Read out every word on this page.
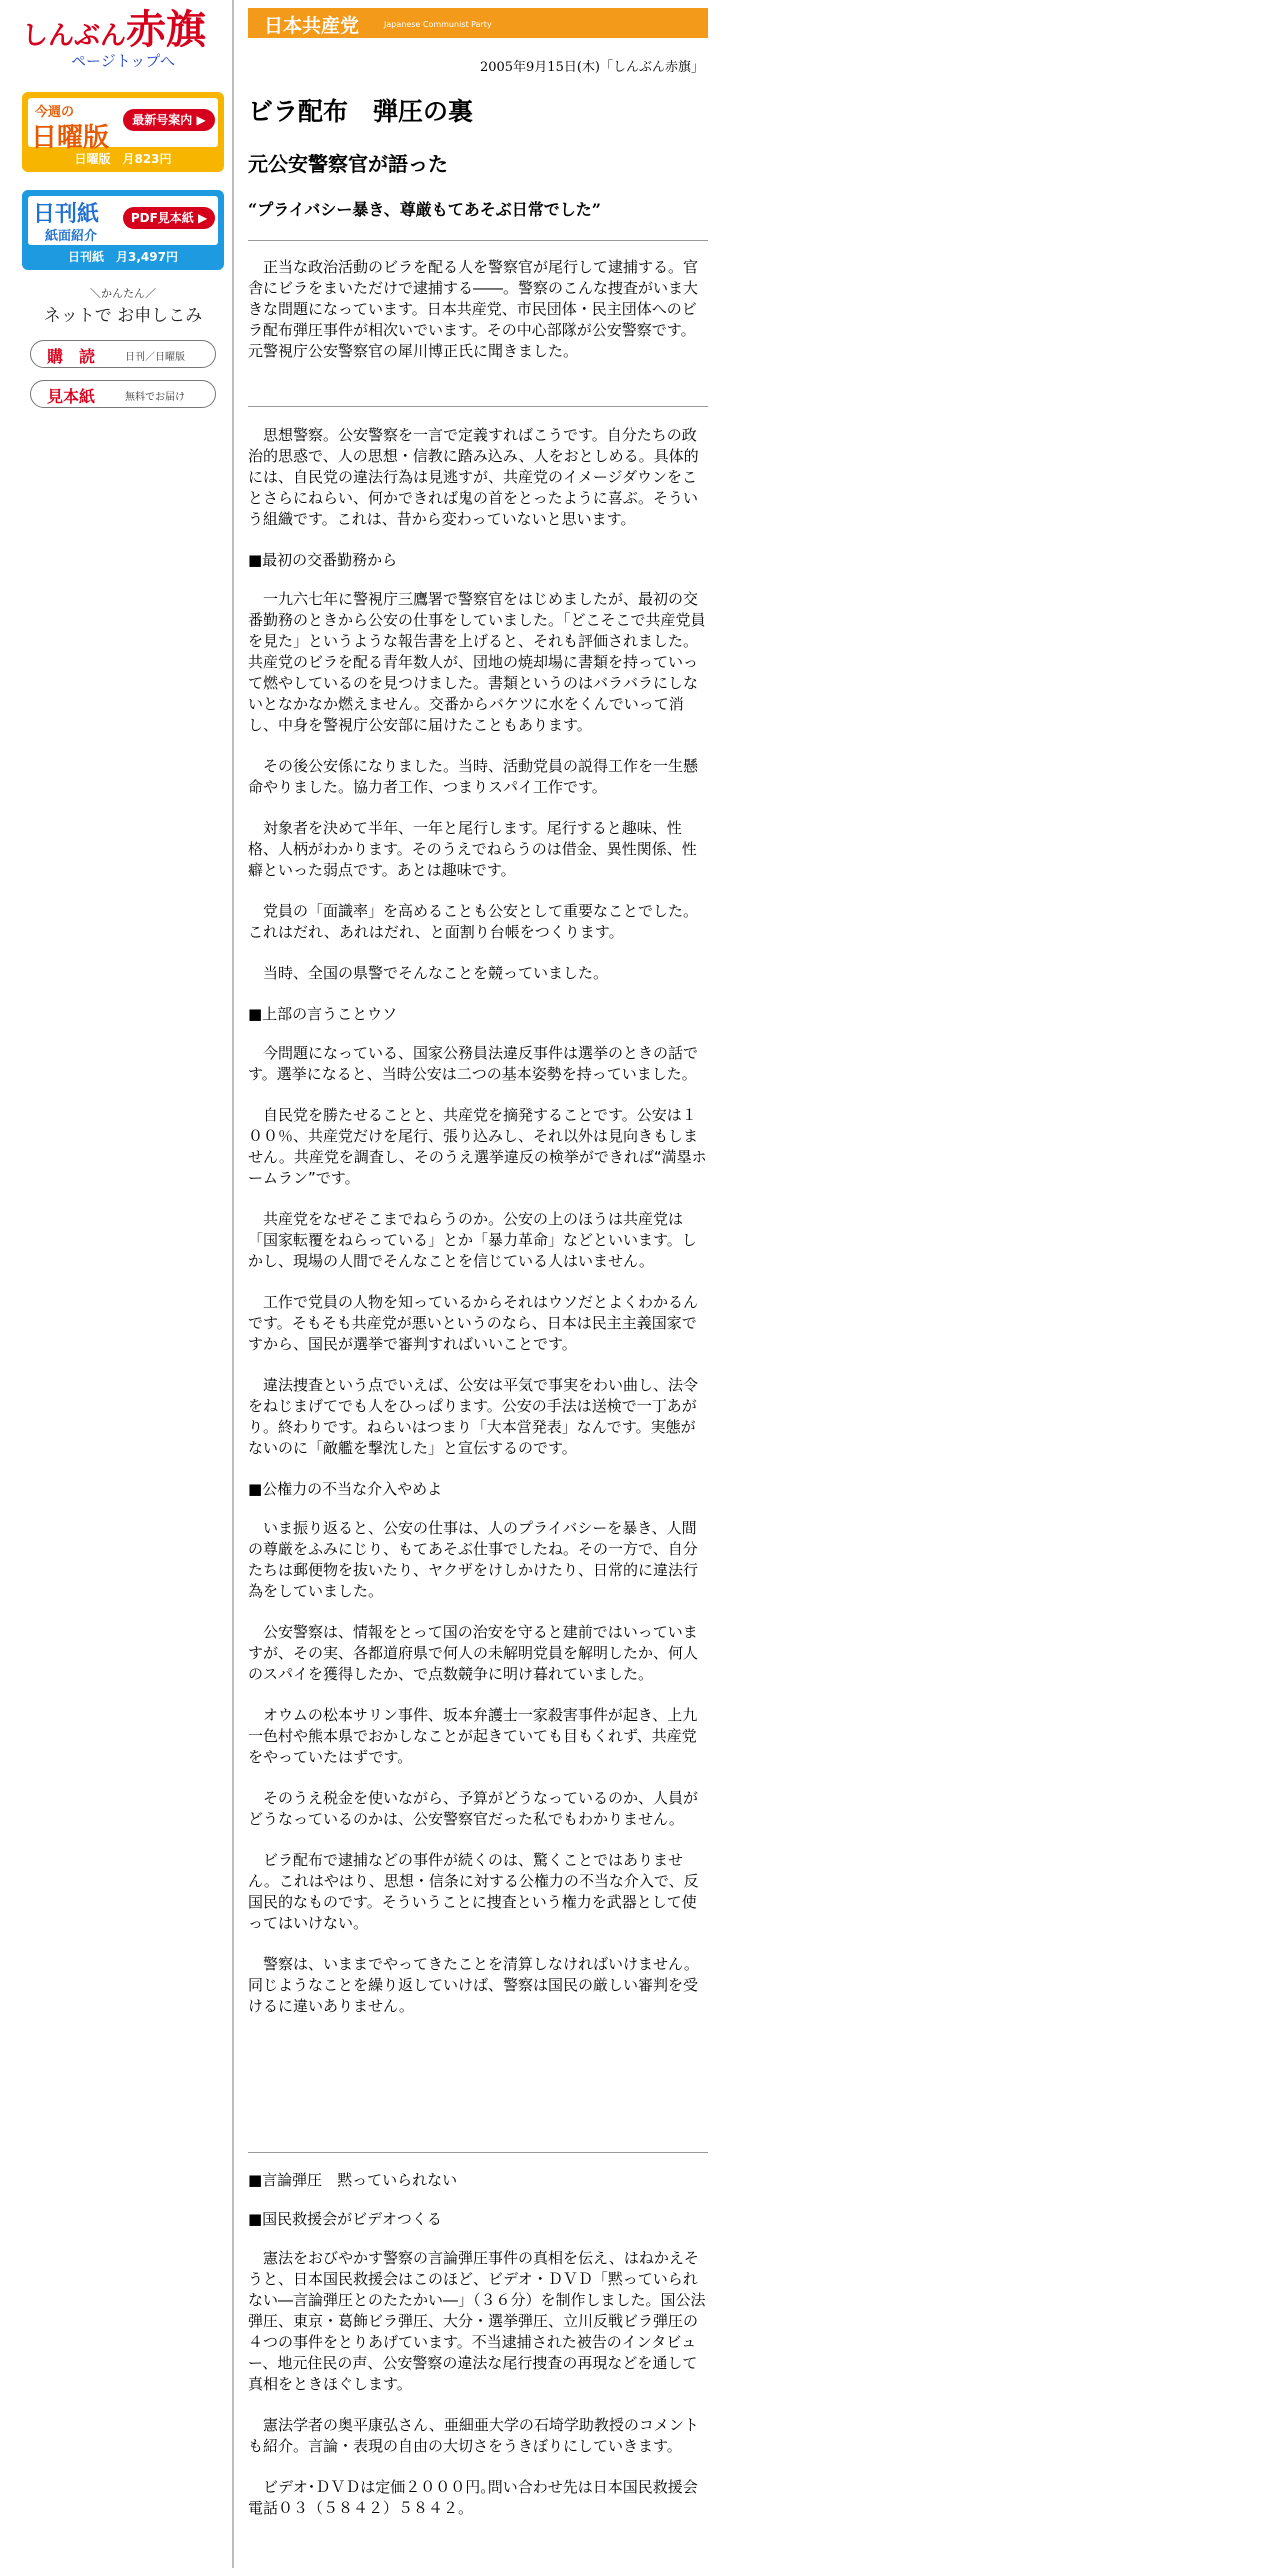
しんぶん赤旗
ページトップへ
今週の
日曜版
最新号案内 ▶
日曜版　月823円
日刊紙
紙面紹介
PDF見本紙 ▶
日刊紙　月3,497円
＼かんたん／
ネットで お申しこみ
購　読	日刊／日曜版
見本紙	無料でお届け
日本共産党	Japanese Communist Party
2005年9月15日(木)「しんぶん赤旗」
ビラ配布　弾圧の裏
元公安警察官が語った
“プライバシー暴き、尊厳もてあそぶ日常でした”

　正当な政治活動のビラを配る人を警察官が尾行して逮捕する。官舎にビラをまいただけで逮捕する――。警察のこんな捜査がいま大きな問題になっています。日本共産党、市民団体・民主団体へのビラ配布弾圧事件が相次いでいます。その中心部隊が公安警察です。元警視庁公安警察官の犀川博正氏に聞きました。

　思想警察。公安警察を一言で定義すればこうです。自分たちの政治的思惑で、人の思想・信教に踏み込み、人をおとしめる。具体的には、自民党の違法行為は見逃すが、共産党のイメージダウンをことさらにねらい、何かできれば鬼の首をとったように喜ぶ。そういう組織です。これは、昔から変わっていないと思います。

■最初の交番勤務から

　一九六七年に警視庁三鷹署で警察官をはじめましたが、最初の交番勤務のときから公安の仕事をしていました。「どこそこで共産党員を見た」というような報告書を上げると、それも評価されました。共産党のビラを配る青年数人が、団地の焼却場に書類を持っていって燃やしているのを見つけました。書類というのはバラバラにしないとなかなか燃えません。交番からバケツに水をくんでいって消し、中身を警視庁公安部に届けたこともあります。

　その後公安係になりました。当時、活動党員の説得工作を一生懸命やりました。協力者工作、つまりスパイ工作です。

　対象者を決めて半年、一年と尾行します。尾行すると趣味、性格、人柄がわかります。そのうえでねらうのは借金、異性関係、性癖といった弱点です。あとは趣味です。

　党員の「面識率」を高めることも公安として重要なことでした。これはだれ、あれはだれ、と面割り台帳をつくります。

　当時、全国の県警でそんなことを競っていました。

■上部の言うことウソ

　今問題になっている、国家公務員法違反事件は選挙のときの話です。選挙になると、当時公安は二つの基本姿勢を持っていました。

　自民党を勝たせることと、共産党を摘発することです。公安は１００％、共産党だけを尾行、張り込みし、それ以外は見向きもしません。共産党を調査し、そのうえ選挙違反の検挙ができれば“満塁ホームラン”です。

　共産党をなぜそこまでねらうのか。公安の上のほうは共産党は「国家転覆をねらっている」とか「暴力革命」などといいます。しかし、現場の人間でそんなことを信じている人はいません。

　工作で党員の人物を知っているからそれはウソだとよくわかるんです。そもそも共産党が悪いというのなら、日本は民主主義国家ですから、国民が選挙で審判すればいいことです。

　違法捜査という点でいえば、公安は平気で事実をわい曲し、法令をねじまげてでも人をひっぱります。公安の手法は送検で一丁あがり。終わりです。ねらいはつまり「大本営発表」なんです。実態がないのに「敵艦を撃沈した」と宣伝するのです。

■公権力の不当な介入やめよ

　いま振り返ると、公安の仕事は、人のプライバシーを暴き、人間の尊厳をふみにじり、もてあそぶ仕事でしたね。その一方で、自分たちは郵便物を抜いたり、ヤクザをけしかけたり、日常的に違法行為をしていました。

　公安警察は、情報をとって国の治安を守ると建前ではいっていますが、その実、各都道府県で何人の未解明党員を解明したか、何人のスパイを獲得したか、で点数競争に明け暮れていました。

　オウムの松本サリン事件、坂本弁護士一家殺害事件が起き、上九一色村や熊本県でおかしなことが起きていても目もくれず、共産党をやっていたはずです。

　そのうえ税金を使いながら、予算がどうなっているのか、人員がどうなっているのかは、公安警察官だった私でもわかりません。

　ビラ配布で逮捕などの事件が続くのは、驚くことではありません。これはやはり、思想・信条に対する公権力の不当な介入で、反国民的なものです。そういうことに捜査という権力を武器として使ってはいけない。

　警察は、いままでやってきたことを清算しなければいけません。同じようなことを繰り返していけば、警察は国民の厳しい審判を受けるに違いありません。

■言論弾圧　黙っていられない

■国民救援会がビデオつくる

　憲法をおびやかす警察の言論弾圧事件の真相を伝え、はねかえそうと、日本国民救援会はこのほど、ビデオ・ＤＶＤ「黙っていられない―言論弾圧とのたたかい―」（３６分）を制作しました。国公法弾圧、東京・葛飾ビラ弾圧、大分・選挙弾圧、立川反戦ビラ弾圧の４つの事件をとりあげています。不当逮捕された被告のインタビュー、地元住民の声、公安警察の違法な尾行捜査の再現などを通して真相をときほぐします。

　憲法学者の奥平康弘さん、亜細亜大学の石埼学助教授のコメントも紹介。言論・表現の自由の大切さをうきぼりにしていきます。

　ビデオ･ＤＶＤは定価２０００円｡問い合わせ先は日本国民救援会　電話０３（５８４２）５８４２。
